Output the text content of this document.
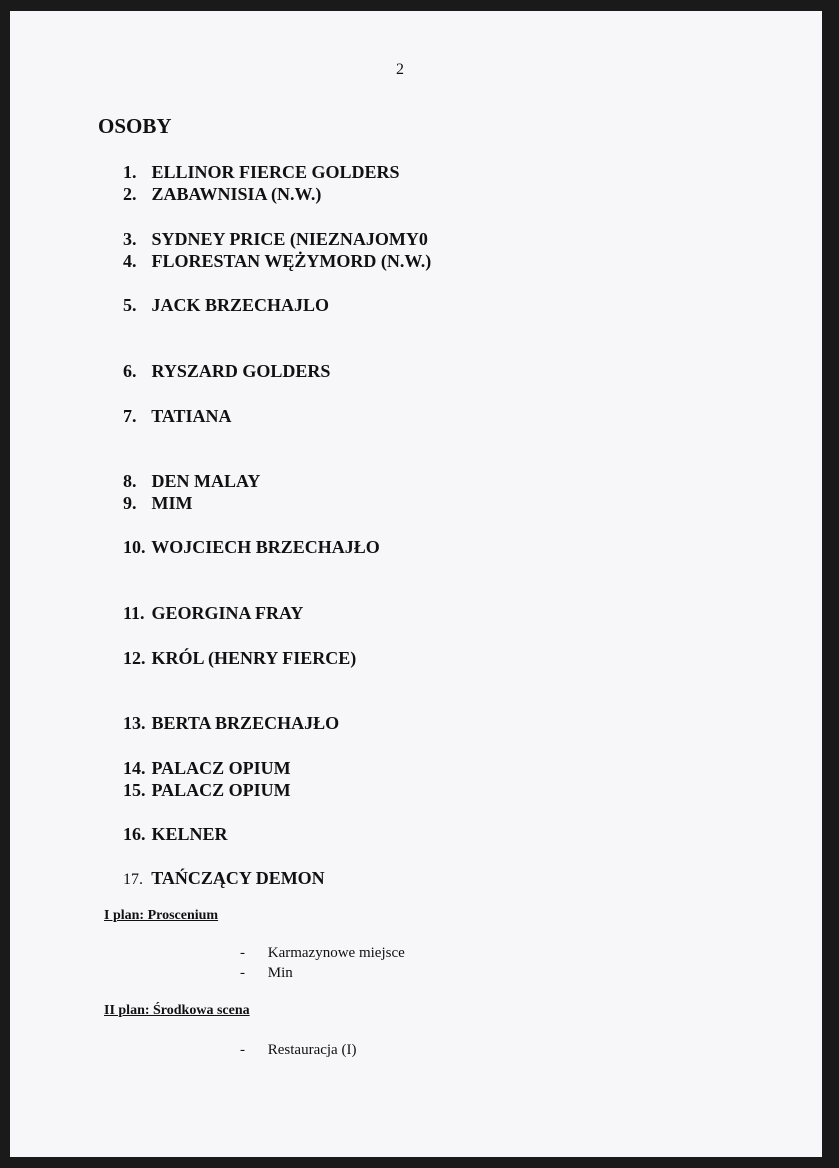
2
OSOBY
1. ELLINOR FIERCE GOLDERS
2. ZABAWNISIA (N.W.)
3. SYDNEY PRICE (NIEZNAJOMY0
4. FLORESTAN WĘŻYMORD (N.W.)
5. JACK BRZECHAJLO
6. RYSZARD GOLDERS
7. TATIANA
8. DEN MALAY
9. MIM
10. WOJCIECH BRZECHAJŁO
11. GEORGINA FRAY
12. KRÓL (HENRY FIERCE)
13. BERTA BRZECHAJŁO
14. PALACZ OPIUM
15. PALACZ OPIUM
16. KELNER
17. TAŃCZĄCY DEMON
I plan: Proscenium
- Karmazynowe miejsce
- Min
II plan: Środkowa scena
- Restauracja (I)
